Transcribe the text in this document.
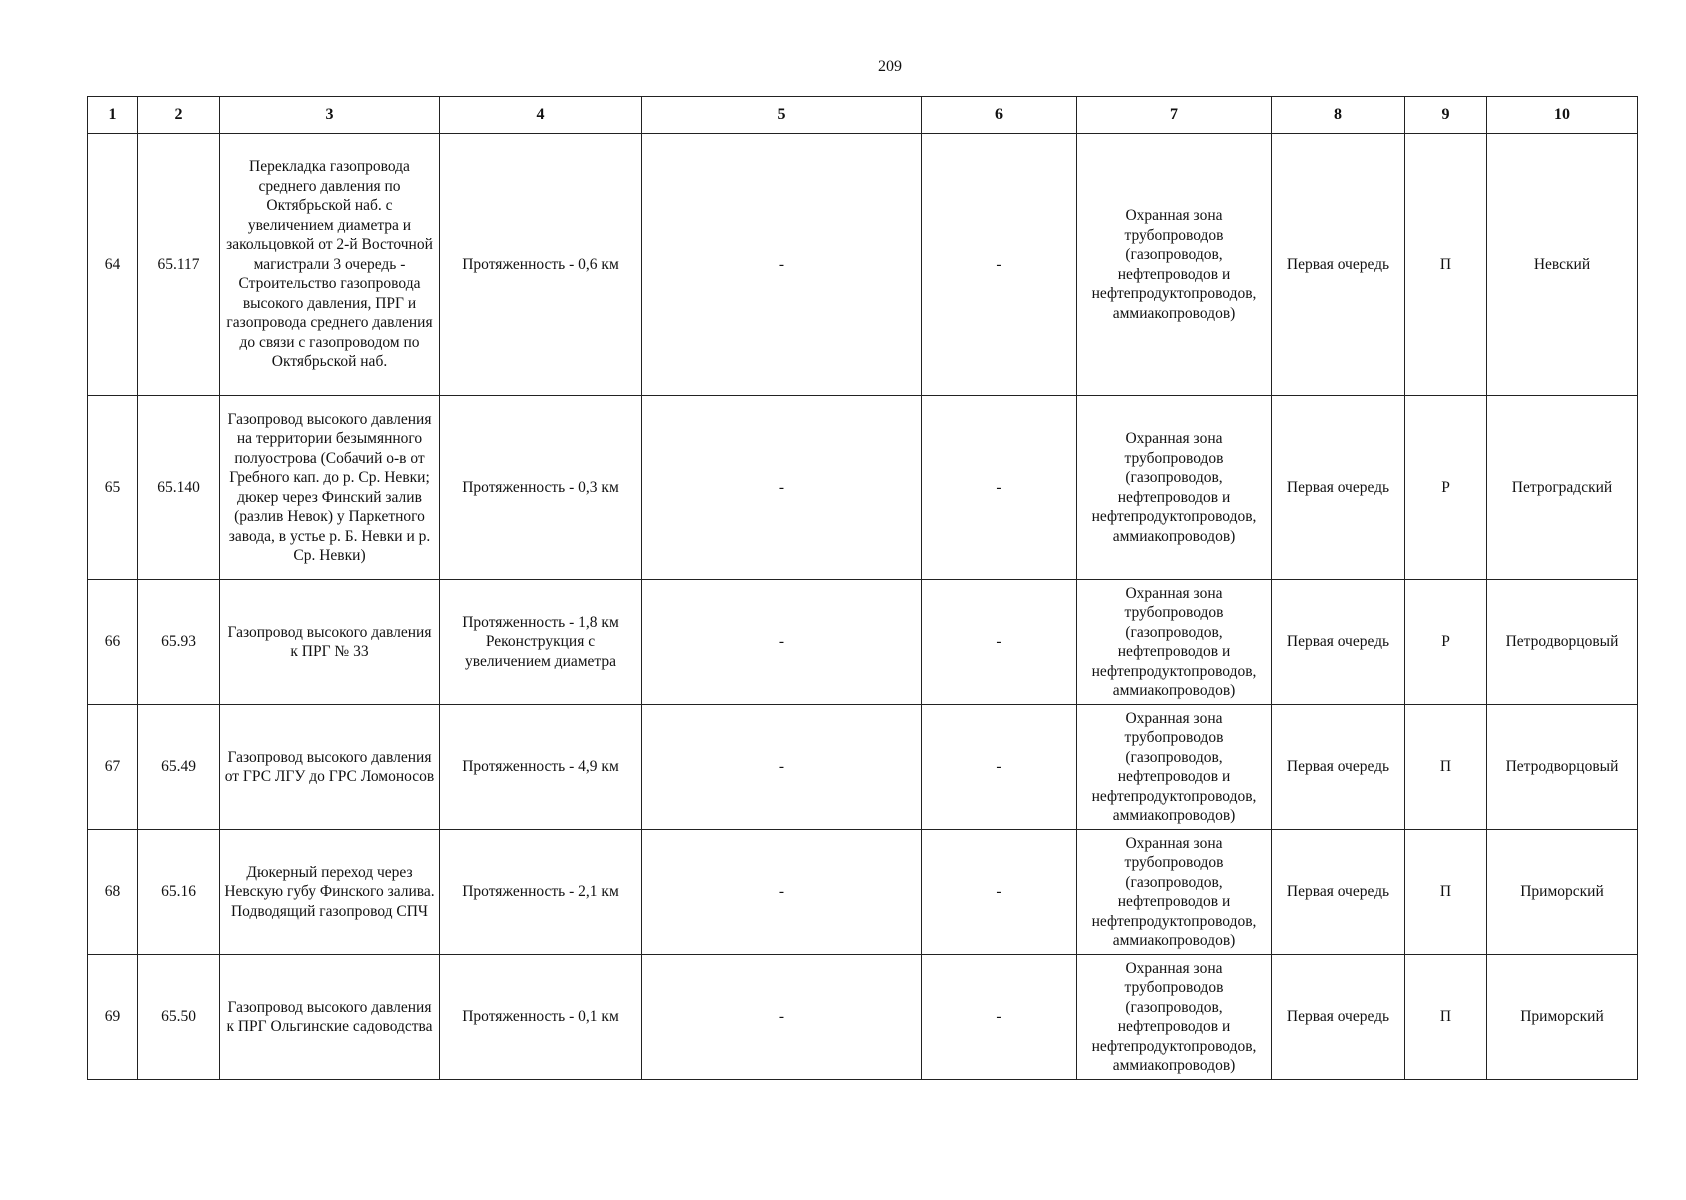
209
1	2	3	4	5	6	7	8	9	10
64	65.117	Перекладка газопровода среднего давления по Октябрьской наб. с увеличением диаметра и закольцовкой от 2-й Восточной магистрали 3 очередь - Строительство газопровода высокого давления, ПРГ и газопровода среднего давления до связи с газопроводом по Октябрьской наб.	Протяженность - 0,6 км	-	-	Охранная зона трубопроводов (газопроводов, нефтепроводов и нефтепродуктопроводов, аммиакопроводов)	Первая очередь	П	Невский
65	65.140	Газопровод высокого давления на территории безымянного полуострова (Собачий о-в от Гребного кап. до р. Ср. Невки; дюкер через Финский залив (разлив Невок) у Паркетного завода, в устье р. Б. Невки и р. Ср. Невки)	Протяженность - 0,3 км	-	-	Охранная зона трубопроводов (газопроводов, нефтепроводов и нефтепродуктопроводов, аммиакопроводов)	Первая очередь	Р	Петроградский
66	65.93	Газопровод высокого давления к ПРГ № 33	Протяженность - 1,8 км Реконструкция с увеличением диаметра	-	-	Охранная зона трубопроводов (газопроводов, нефтепроводов и нефтепродуктопроводов, аммиакопроводов)	Первая очередь	Р	Петродворцовый
67	65.49	Газопровод высокого давления от ГРС ЛГУ до ГРС Ломоносов	Протяженность - 4,9 км	-	-	Охранная зона трубопроводов (газопроводов, нефтепроводов и нефтепродуктопроводов, аммиакопроводов)	Первая очередь	П	Петродворцовый
68	65.16	Дюкерный переход через Невскую губу Финского залива. Подводящий газопровод СПЧ	Протяженность - 2,1 км	-	-	Охранная зона трубопроводов (газопроводов, нефтепроводов и нефтепродуктопроводов, аммиакопроводов)	Первая очередь	П	Приморский
69	65.50	Газопровод высокого давления к ПРГ Ольгинские садоводства	Протяженность - 0,1 км	-	-	Охранная зона трубопроводов (газопроводов, нефтепроводов и нефтепродуктопроводов, аммиакопроводов)	Первая очередь	П	Приморский
